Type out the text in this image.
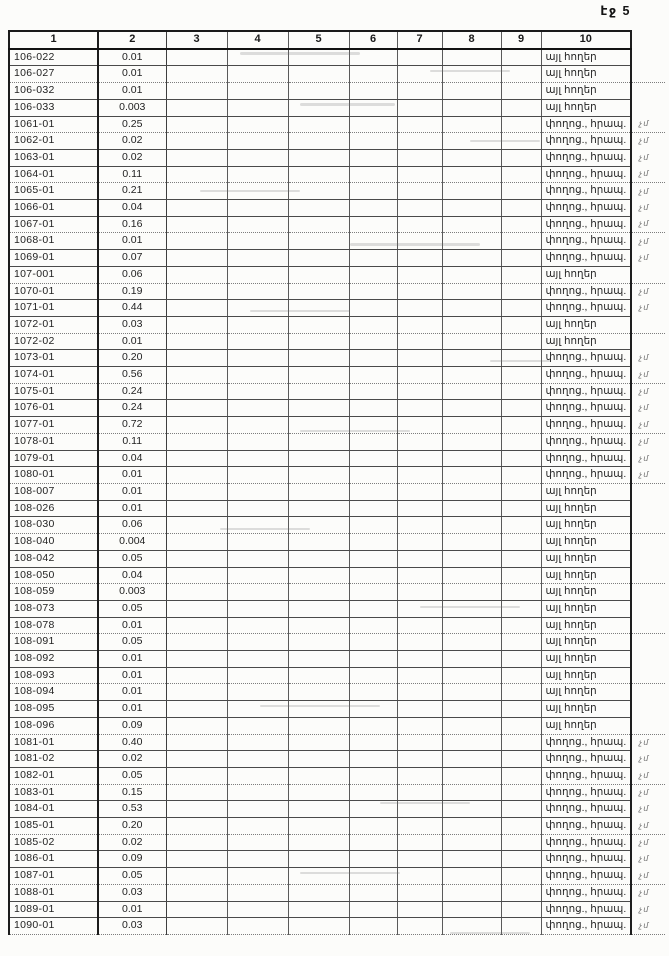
էջ 5
1	2	3	4	5	6	7	8	9	10	
106-022	0.01								այլ հողեր	
106-027	0.01								այլ հողեր	
106-032	0.01								այլ հողեր	
106-033	0.003								այլ հողեր	
1061-01	0.25								փողոց., հրապ.	չմ
1062-01	0.02								փողոց., հրապ.	չմ
1063-01	0.02								փողոց., հրապ.	չմ
1064-01	0.11								փողոց., հրապ.	չմ
1065-01	0.21								փողոց., հրապ.	չմ
1066-01	0.04								փողոց., հրապ.	չմ
1067-01	0.16								փողոց., հրապ.	չմ
1068-01	0.01								փողոց., հրապ.	չմ
1069-01	0.07								փողոց., հրապ.	չմ
107-001	0.06								այլ հողեր	
1070-01	0.19								փողոց., հրապ.	չմ
1071-01	0.44								փողոց., հրապ.	չմ
1072-01	0.03								այլ հողեր	
1072-02	0.01								այլ հողեր	
1073-01	0.20								փողոց., հրապ.	չմ
1074-01	0.56								փողոց., հրապ.	չմ
1075-01	0.24								փողոց., հրապ.	չմ
1076-01	0.24								փողոց., հրապ.	չմ
1077-01	0.72								փողոց., հրապ.	չմ
1078-01	0.11								փողոց., հրապ.	չմ
1079-01	0.04								փողոց., հրապ.	չմ
1080-01	0.01								փողոց., հրապ.	չմ
108-007	0.01								այլ հողեր	
108-026	0.01								այլ հողեր	
108-030	0.06								այլ հողեր	
108-040	0.004								այլ հողեր	
108-042	0.05								այլ հողեր	
108-050	0.04								այլ հողեր	
108-059	0.003								այլ հողեր	
108-073	0.05								այլ հողեր	
108-078	0.01								այլ հողեր	
108-091	0.05								այլ հողեր	
108-092	0.01								այլ հողեր	
108-093	0.01								այլ հողեր	
108-094	0.01								այլ հողեր	
108-095	0.01								այլ հողեր	
108-096	0.09								այլ հողեր	
1081-01	0.40								փողոց., հրապ.	չմ
1081-02	0.02								փողոց., հրապ.	չմ
1082-01	0.05								փողոց., հրապ.	չմ
1083-01	0.15								փողոց., հրապ.	չմ
1084-01	0.53								փողոց., հրապ.	չմ
1085-01	0.20								փողոց., հրապ.	չմ
1085-02	0.02								փողոց., հրապ.	չմ
1086-01	0.09								փողոց., հրապ.	չմ
1087-01	0.05								փողոց., հրապ.	չմ
1088-01	0.03								փողոց., հրապ.	չմ
1089-01	0.01								փողոց., հրապ.	չմ
1090-01	0.03								փողոց., հրապ.	չմ
